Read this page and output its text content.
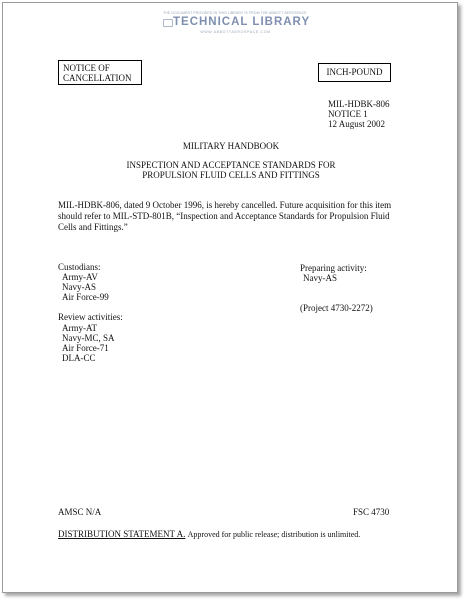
THE DOCUMENT PROVIDED IN THIS LIBRARY IS FROM THE ABBOTT AEROSPACE
TECHNICAL LIBRARY
WWW.ABBOTTAEROSPACE.COM
NOTICE OF
CANCELLATION
INCH-POUND
MIL-HDBK-806
NOTICE 1
12 August 2002
MILITARY HANDBOOK
INSPECTION AND ACCEPTANCE STANDARDS FOR
PROPULSION FLUID CELLS AND FITTINGS
MIL-HDBK-806, dated 9 October 1996, is hereby cancelled. Future acquisition for this item
should refer to MIL-STD-801B, “Inspection and Acceptance Standards for Propulsion Fluid
Cells and Fittings.”
Custodians:
Army-AV
Navy-AS
Air Force-99
Preparing activity:
Navy-AS
(Project 4730-2272)
Review activities:
Army-AT
Navy-MC, SA
Air Force-71
DLA-CC
AMSC N/A	FSC 4730
DISTRIBUTION STATEMENT A. Approved for public release; distribution is unlimited.
